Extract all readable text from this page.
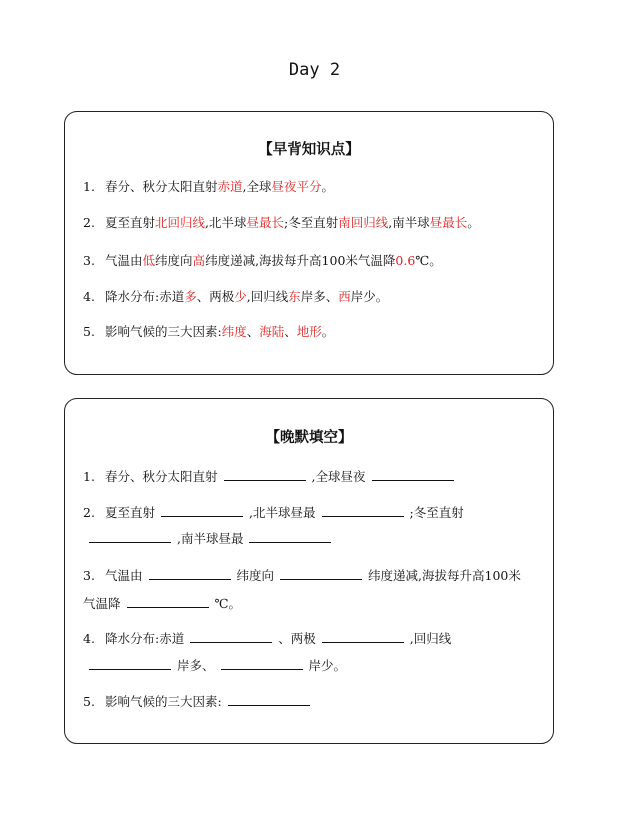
Day 2
【早背知识点】
1. 春分、秋分太阳直射赤道,全球昼夜平分。
2. 夏至直射北回归线,北半球昼最长;冬至直射南回归线,南半球昼最长。
3. 气温由低纬度向高纬度递减,海拔每升高100米气温降0.6℃。
4. 降水分布:赤道多、两极少,回归线东岸多、西岸少。
5. 影响气候的三大因素:纬度、海陆、地形。
【晚默填空】
1. 春分、秋分太阳直射	,全球昼夜
2. 夏至直射	,北半球昼最	;冬至直射
,南半球昼最
3. 气温由	纬度向	纬度递减,海拔每升高100米
气温降	℃。
4. 降水分布:赤道	、两极	,回归线
岸多、	岸少。
5. 影响气候的三大因素:
